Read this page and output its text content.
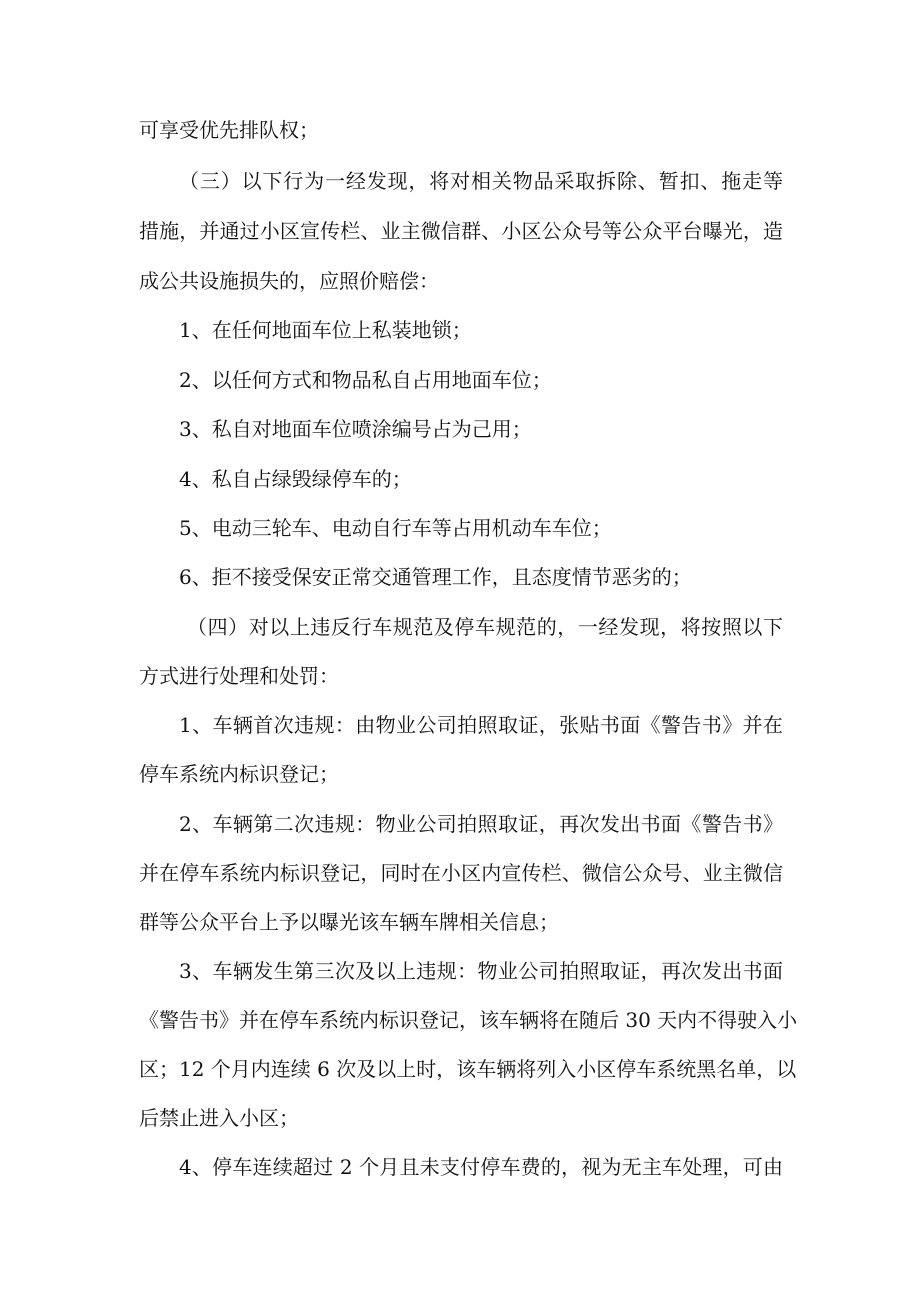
可享受优先排队权；
（三）以下行为一经发现，将对相关物品采取拆除、暂扣、拖走等
措施，并通过小区宣传栏、业主微信群、小区公众号等公众平台曝光，造
成公共设施损失的，应照价赔偿：
1、在任何地面车位上私装地锁；
2、以任何方式和物品私自占用地面车位；
3、私自对地面车位喷涂编号占为己用；
4、私自占绿毁绿停车的；
5、电动三轮车、电动自行车等占用机动车车位；
6、拒不接受保安正常交通管理工作，且态度情节恶劣的；
（四）对以上违反行车规范及停车规范的，一经发现，将按照以下
方式进行处理和处罚：
1、车辆首次违规：由物业公司拍照取证，张贴书面《警告书》并在
停车系统内标识登记；
2、车辆第二次违规：物业公司拍照取证，再次发出书面《警告书》
并在停车系统内标识登记，同时在小区内宣传栏、微信公众号、业主微信
群等公众平台上予以曝光该车辆车牌相关信息；
3、车辆发生第三次及以上违规：物业公司拍照取证，再次发出书面
《警告书》并在停车系统内标识登记，该车辆将在随后 30 天内不得驶入小
区；12 个月内连续 6 次及以上时，该车辆将列入小区停车系统黑名单，以
后禁止进入小区；
4、停车连续超过 2 个月且未支付停车费的，视为无主车处理，可由
